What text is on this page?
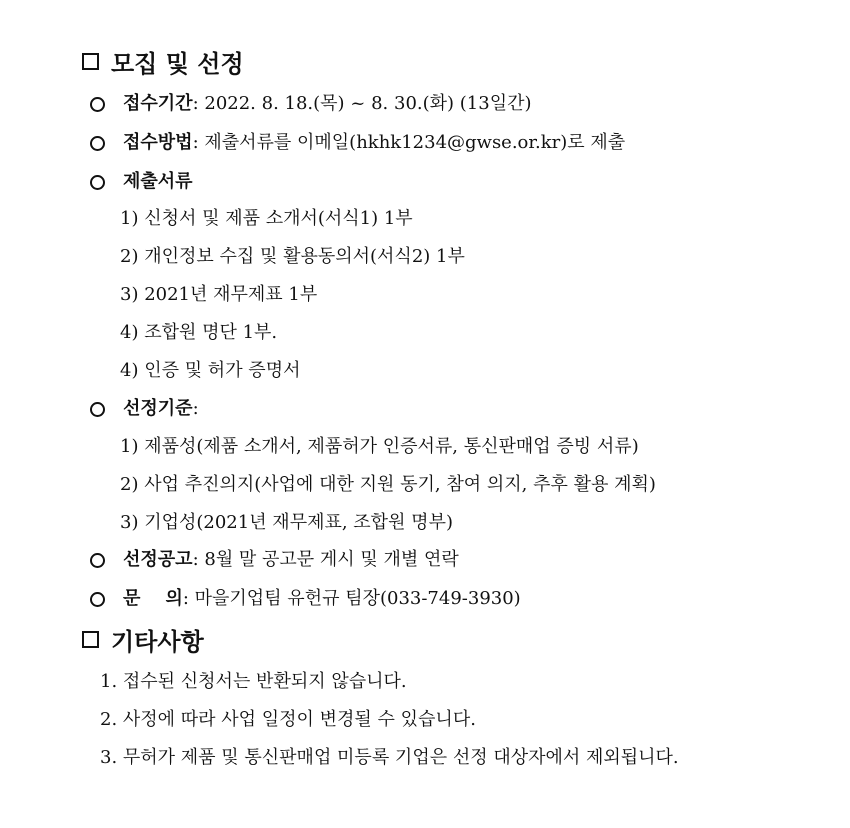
모집 및 선정
접수기간 : 2022. 8. 18.(목) ~ 8. 30.(화) (13일간)
접수방법 : 제출서류를 이메일(hkhk1234@gwse.or.kr)로 제출
제출서류
1) 신청서 및 제품 소개서(서식1) 1부
2) 개인정보 수집 및 활용동의서(서식2) 1부
3) 2021년 재무제표 1부
4) 조합원 명단 1부.
4) 인증 및 허가 증명서
선정기준 :
1) 제품성(제품 소개서, 제품허가 인증서류, 통신판매업 증빙 서류)
2) 사업 추진의지(사업에 대한 지원 동기, 참여 의지, 추후 활용 계획)
3) 기업성(2021년 재무제표, 조합원 명부)
선정공고 : 8월 말 공고문 게시 및 개별 연락
문    의 : 마을기업팀 유헌규 팀장(033-749-3930)
기타사항
1. 접수된 신청서는 반환되지 않습니다.
2. 사정에 따라 사업 일정이 변경될 수 있습니다.
3. 무허가 제품 및 통신판매업 미등록 기업은 선정 대상자에서 제외됩니다.
